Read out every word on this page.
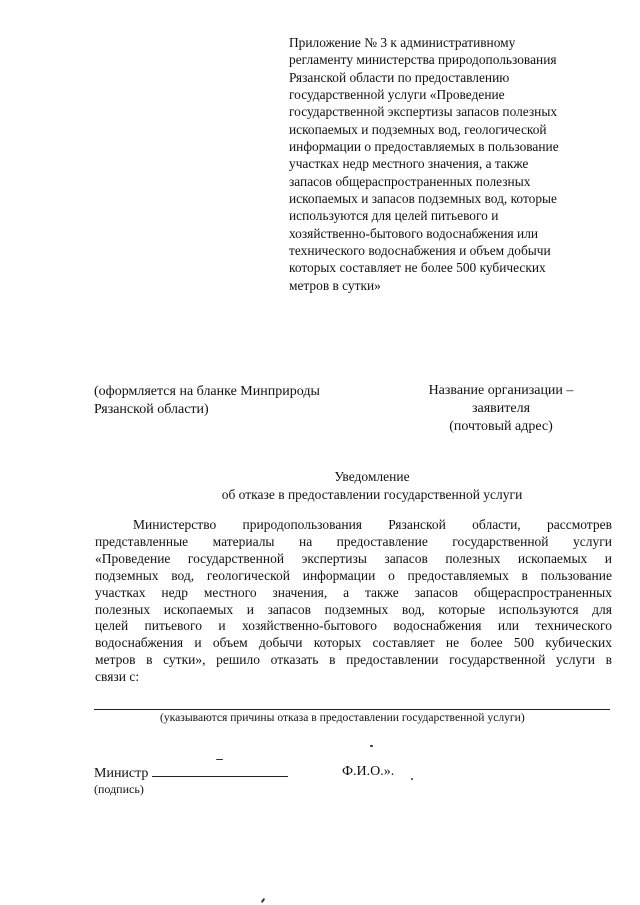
Приложение № 3 к административному
регламенту министерства природопользования
Рязанской области по предоставлению
государственной услуги «Проведение
государственной экспертизы запасов полезных
ископаемых и подземных вод, геологической
информации о предоставляемых в пользование
участках недр местного значения, а также
запасов общераспространенных полезных
ископаемых и запасов подземных вод, которые
используются для целей питьевого и
хозяйственно-бытового водоснабжения или
технического водоснабжения и объем добычи
которых составляет не более 500 кубических
метров в сутки»
(оформляется на бланке Минприроды
Рязанской области)
Название организации –
заявителя
(почтовый адрес)
Уведомление
об отказе в предоставлении государственной услуги
Министерство природопользования Рязанской области, рассмотрев
представленные материалы на предоставление государственной услуги
«Проведение государственной экспертизы запасов полезных ископаемых и
подземных вод, геологической информации о предоставляемых в пользование
участках недр местного значения, а также запасов общераспространенных
полезных ископаемых и запасов подземных вод, которые используются для
целей питьевого и хозяйственно-бытового водоснабжения или технического
водоснабжения и объем добычи которых составляет не более 500 кубических
метров в сутки», решило отказать в предоставлении государственной услуги в
связи с:
(указываются причины отказа в предоставлении государственной услуги)
Министр	Ф.И.О.».
(подпись)
